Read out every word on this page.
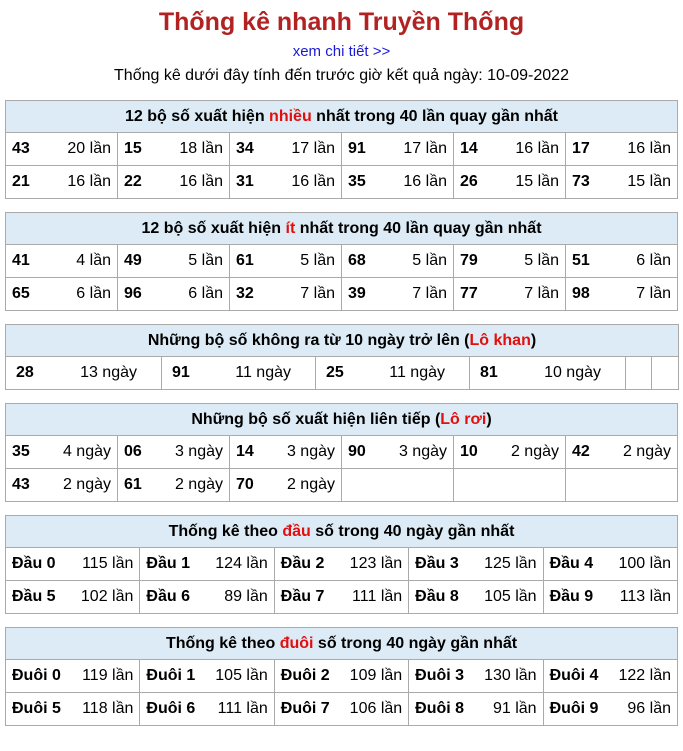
Thống kê nhanh Truyền Thống
xem chi tiết >>
Thống kê dưới đây tính đến trước giờ kết quả ngày: 10-09-2022
12 bộ số xuất hiện nhiều nhất trong 40 lần quay gần nhất					

43 20 lần	15 18 lần	34 17 lần	91 17 lần	14 16 lần	17 16 lần

21 16 lần	22 16 lần	31 16 lần	35 16 lần	26 15 lần	73 15 lần
12 bộ số xuất hiện ít nhất trong 40 lần quay gần nhất					

41 4 lần	49 5 lần	61 5 lần	68 5 lần	79 5 lần	51 6 lần

65 6 lần	96 6 lần	32 7 lần	39 7 lần	77 7 lần	98 7 lần
Những bộ số không ra từ 10 ngày trở lên (Lô khan)

28	13 ngày	91	11 ngày	25	11 ngày	81	10 ngày

Những bộ số xuất hiện liên tiếp (Lô rơi)					

35 4 ngày	06 3 ngày	14 3 ngày	90 3 ngày	10 2 ngày	42 2 ngày

43 2 ngày	61 2 ngày	70 2 ngày			

Thống kê theo đầu số trong 40 ngày gần nhất				

Đầu 0 115 lần	Đầu 1 124 lần	Đầu 2 123 lần	Đầu 3 125 lần	Đầu 4 100 lần

Đầu 5 102 lần	Đầu 6 89 lần	Đầu 7 111 lần	Đầu 8 105 lần	Đầu 9 113 lần
Thống kê theo đuôi số trong 40 ngày gần nhất				

Đuôi 0 119 lần	Đuôi 1 105 lần	Đuôi 2 109 lần	Đuôi 3 130 lần	Đuôi 4 122 lần

Đuôi 5 118 lần	Đuôi 6 111 lần	Đuôi 7 106 lần	Đuôi 8 91 lần	Đuôi 9 96 lần
